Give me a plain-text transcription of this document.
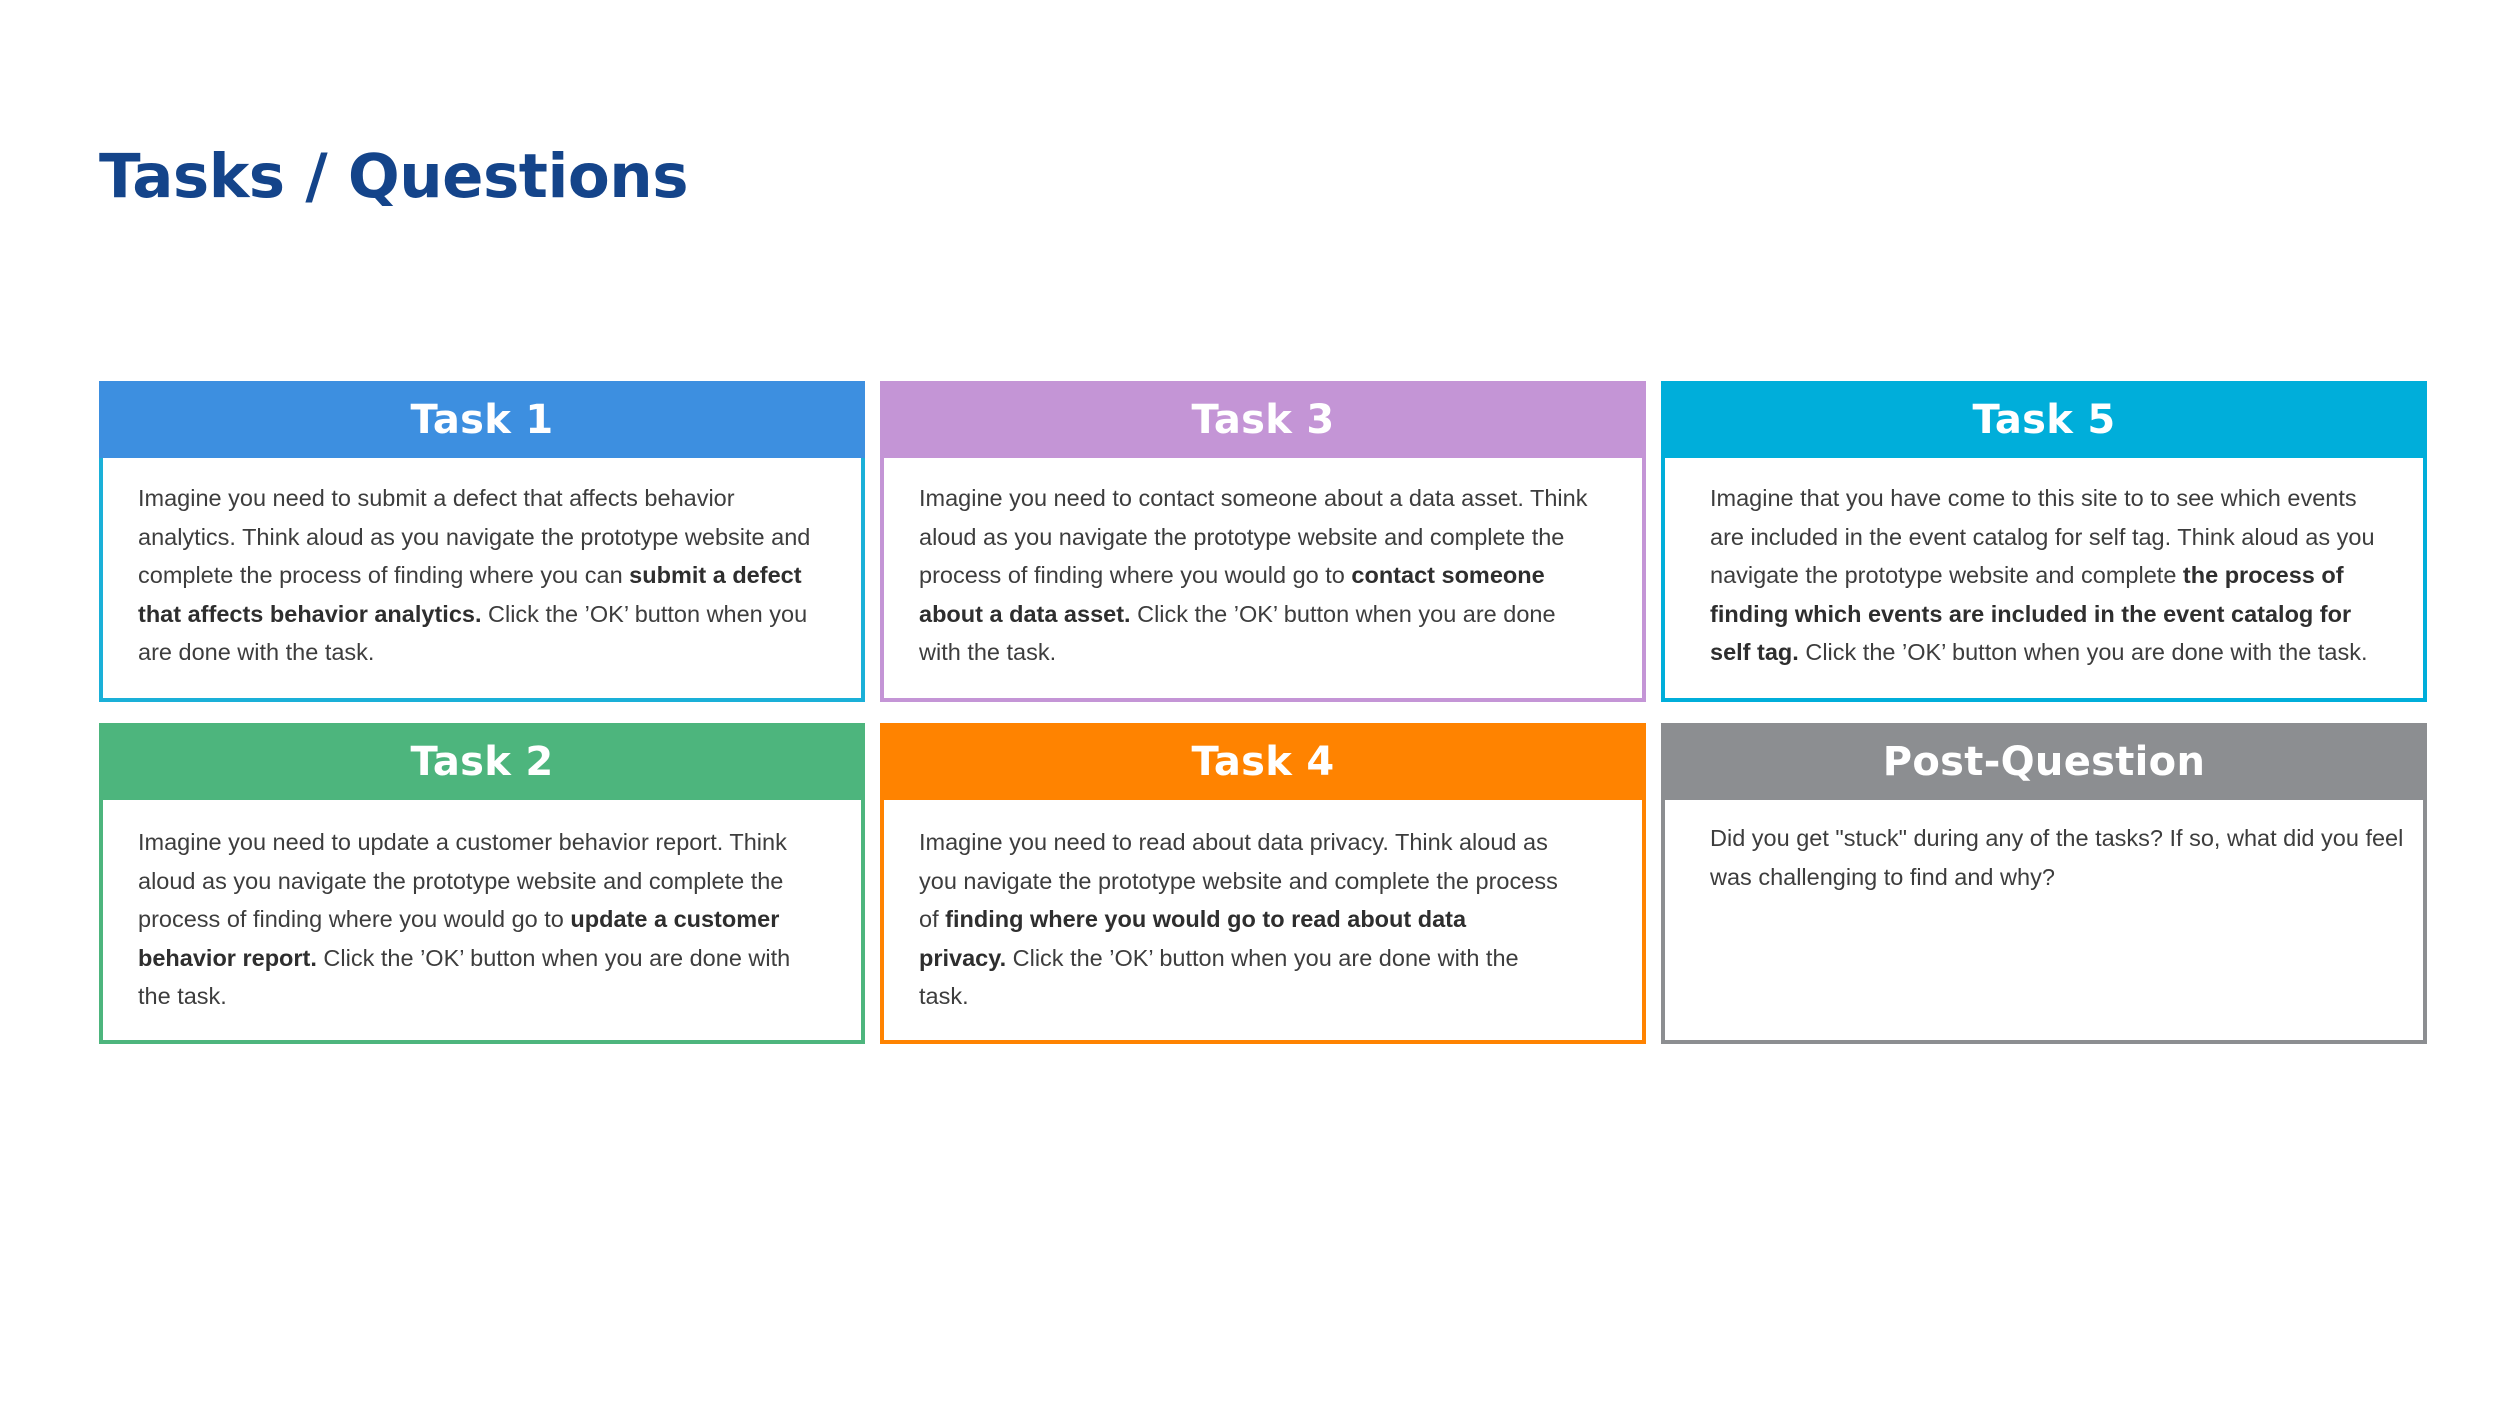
Tasks / Questions
Task 1

Imagine you need to submit a defect that affects behavior analytics. Think aloud as you navigate the prototype website and complete the process of finding where you can submit a defect that affects behavior analytics. Click the ’OK’ button when you are done with the task.

Task 3

Imagine you need to contact someone about a data asset. Think aloud as you navigate the prototype website and complete the process of finding where you would go to contact someone about a data asset. Click the ’OK’ button when you are done with the task.

Task 5

Imagine that you have come to this site to to see which events are included in the event catalog for self tag. Think aloud as you navigate the prototype website and complete the process of finding which events are included in the event catalog for self tag. Click the ’OK’ button when you are done with the task.

Task 2

Imagine you need to update a customer behavior report. Think aloud as you navigate the prototype website and complete the process of finding where you would go to update a customer behavior report. Click the ’OK’ button when you are done with the task.

Task 4

Imagine you need to read about data privacy. Think aloud as you navigate the prototype website and complete the process of finding where you would go to read about data privacy. Click the ’OK’ button when you are done with the task.

Post-Question

Did you get "stuck" during any of the tasks? If so, what did you feel was challenging to find and why?
